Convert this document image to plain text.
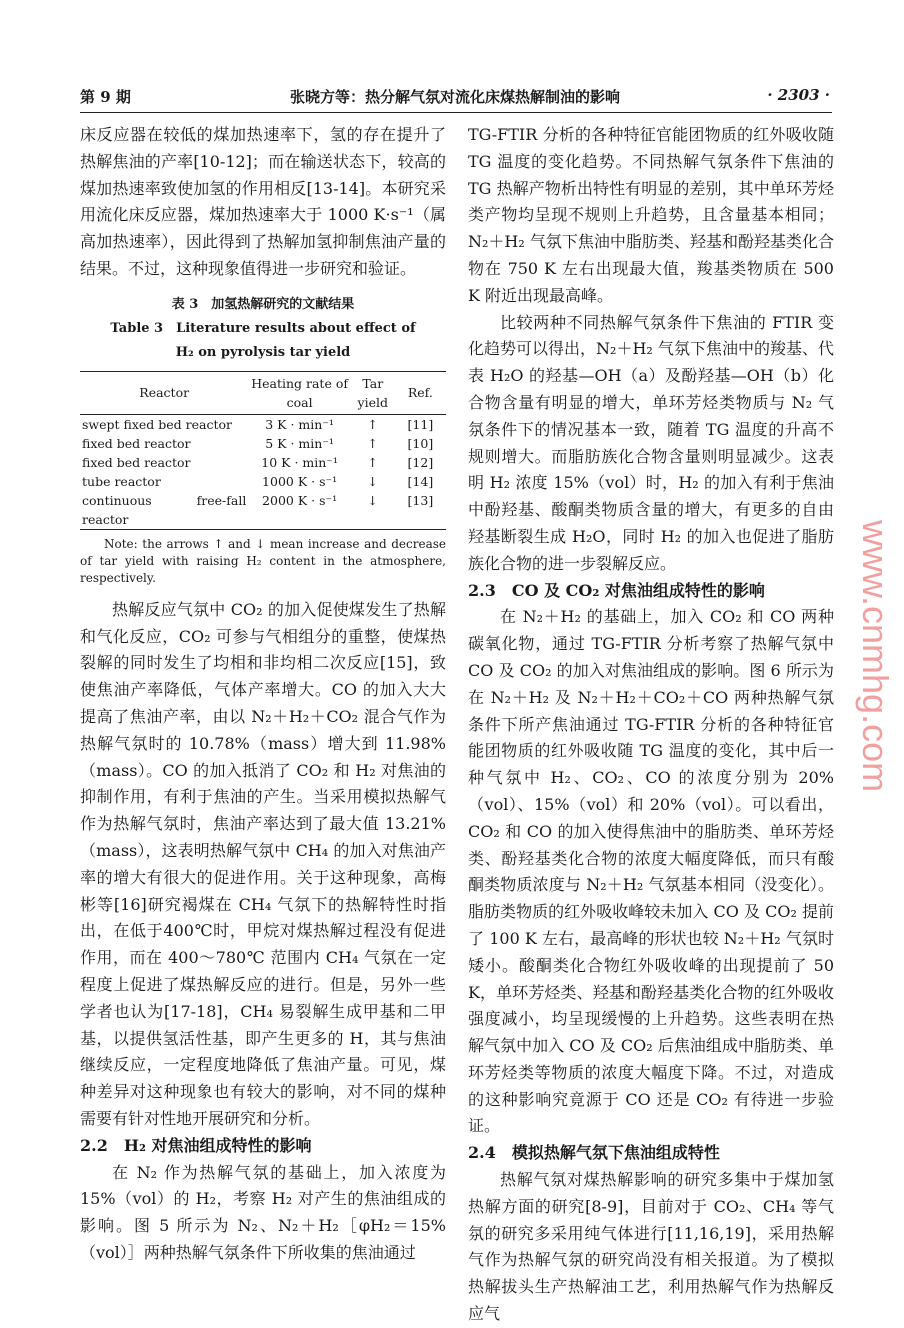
第 9 期	张晓方等：热分解气氛对流化床煤热解制油的影响	· 2303 ·

床反应器在较低的煤加热速率下，氢的存在提升了热解焦油的产率[10-12]；而在输送状态下，较高的煤加热速率致使加氢的作用相反[13-14]。本研究采用流化床反应器，煤加热速率大于 1000 K·s⁻¹（属高加热速率），因此得到了热解加氢抑制焦油产量的结果。不过，这种现象值得进一步研究和验证。

表 3　加氢热解研究的文献结果
Table 3　Literature results about effect of
H₂ on pyrolysis tar yield
Reactor	Heating rate of coal	Tar yield	Ref.
swept fixed bed reactor	3 K · min⁻¹	↑	[11]
fixed bed reactor	5 K · min⁻¹	↑	[10]
fixed bed reactor	10 K · min⁻¹	↑	[12]
tube reactor	1000 K · s⁻¹	↓	[14]
continuous free-fall reactor	2000 K · s⁻¹	↓	[13]
Note: the arrows ↑ and ↓ mean increase and decrease of tar yield with raising H₂ content in the atmosphere, respectively.

热解反应气氛中 CO₂ 的加入促使煤发生了热解和气化反应，CO₂ 可参与气相组分的重整，使煤热裂解的同时发生了均相和非均相二次反应[15]，致使焦油产率降低，气体产率增大。CO 的加入大大提高了焦油产率，由以 N₂＋H₂＋CO₂ 混合气作为热解气氛时的 10.78%（mass）增大到 11.98%（mass）。CO 的加入抵消了 CO₂ 和 H₂ 对焦油的抑制作用，有利于焦油的产生。当采用模拟热解气作为热解气氛时，焦油产率达到了最大值 13.21%（mass），这表明热解气氛中 CH₄ 的加入对焦油产率的增大有很大的促进作用。关于这种现象，高梅彬等[16]研究褐煤在 CH₄ 气氛下的热解特性时指出，在低于400℃时，甲烷对煤热解过程没有促进作用，而在 400～780℃ 范围内 CH₄ 气氛在一定程度上促进了煤热解反应的进行。但是，另外一些学者也认为[17-18]，CH₄ 易裂解生成甲基和二甲基，以提供氢活性基，即产生更多的 H，其与焦油继续反应，一定程度地降低了焦油产量。可见，煤种差异对这种现象也有较大的影响，对不同的煤种需要有针对性地开展研究和分析。

2.2　H₂ 对焦油组成特性的影响

在 N₂ 作为热解气氛的基础上，加入浓度为 15%（vol）的 H₂，考察 H₂ 对产生的焦油组成的影响。图 5 所示为 N₂、N₂＋H₂［φH₂＝15%（vol）］两种热解气氛条件下所收集的焦油通过

TG-FTIR 分析的各种特征官能团物质的红外吸收随 TG 温度的变化趋势。不同热解气氛条件下焦油的 TG 热解产物析出特性有明显的差别，其中单环芳烃类产物均呈现不规则上升趋势，且含量基本相同；N₂＋H₂ 气氛下焦油中脂肪类、羟基和酚羟基类化合物在 750 K 左右出现最大值，羧基类物质在 500 K 附近出现最高峰。

比较两种不同热解气氛条件下焦油的 FTIR 变化趋势可以得出，N₂＋H₂ 气氛下焦油中的羧基、代表 H₂O 的羟基—OH（a）及酚羟基—OH（b）化合物含量有明显的增大，单环芳烃类物质与 N₂ 气氛条件下的情况基本一致，随着 TG 温度的升高不规则增大。而脂肪族化合物含量则明显减少。这表明 H₂ 浓度 15%（vol）时，H₂ 的加入有利于焦油中酚羟基、酸酮类物质含量的增大，有更多的自由羟基断裂生成 H₂O，同时 H₂ 的加入也促进了脂肪族化合物的进一步裂解反应。

2.3　CO 及 CO₂ 对焦油组成特性的影响

在 N₂＋H₂ 的基础上，加入 CO₂ 和 CO 两种碳氧化物，通过 TG-FTIR 分析考察了热解气氛中 CO 及 CO₂ 的加入对焦油组成的影响。图 6 所示为在 N₂＋H₂ 及 N₂＋H₂＋CO₂＋CO 两种热解气氛条件下所产焦油通过 TG-FTIR 分析的各种特征官能团物质的红外吸收随 TG 温度的变化，其中后一种气氛中 H₂、CO₂、CO 的浓度分别为 20%（vol）、15%（vol）和 20%（vol）。可以看出，CO₂ 和 CO 的加入使得焦油中的脂肪类、单环芳烃类、酚羟基类化合物的浓度大幅度降低，而只有酸酮类物质浓度与 N₂＋H₂ 气氛基本相同（没变化）。脂肪类物质的红外吸收峰较未加入 CO 及 CO₂ 提前了 100 K 左右，最高峰的形状也较 N₂＋H₂ 气氛时矮小。酸酮类化合物红外吸收峰的出现提前了 50 K，单环芳烃类、羟基和酚羟基类化合物的红外吸收强度减小，均呈现缓慢的上升趋势。这些表明在热解气氛中加入 CO 及 CO₂ 后焦油组成中脂肪类、单环芳烃类等物质的浓度大幅度下降。不过，对造成的这种影响究竟源于 CO 还是 CO₂ 有待进一步验证。

2.4　模拟热解气氛下焦油组成特性

热解气氛对煤热解影响的研究多集中于煤加氢热解方面的研究[8-9]，目前对于 CO₂、CH₄ 等气氛的研究多采用纯气体进行[11,16,19]，采用热解气作为热解气氛的研究尚没有相关报道。为了模拟热解拔头生产热解油工艺，利用热解气作为热解反应气

www.cnmhg.com
